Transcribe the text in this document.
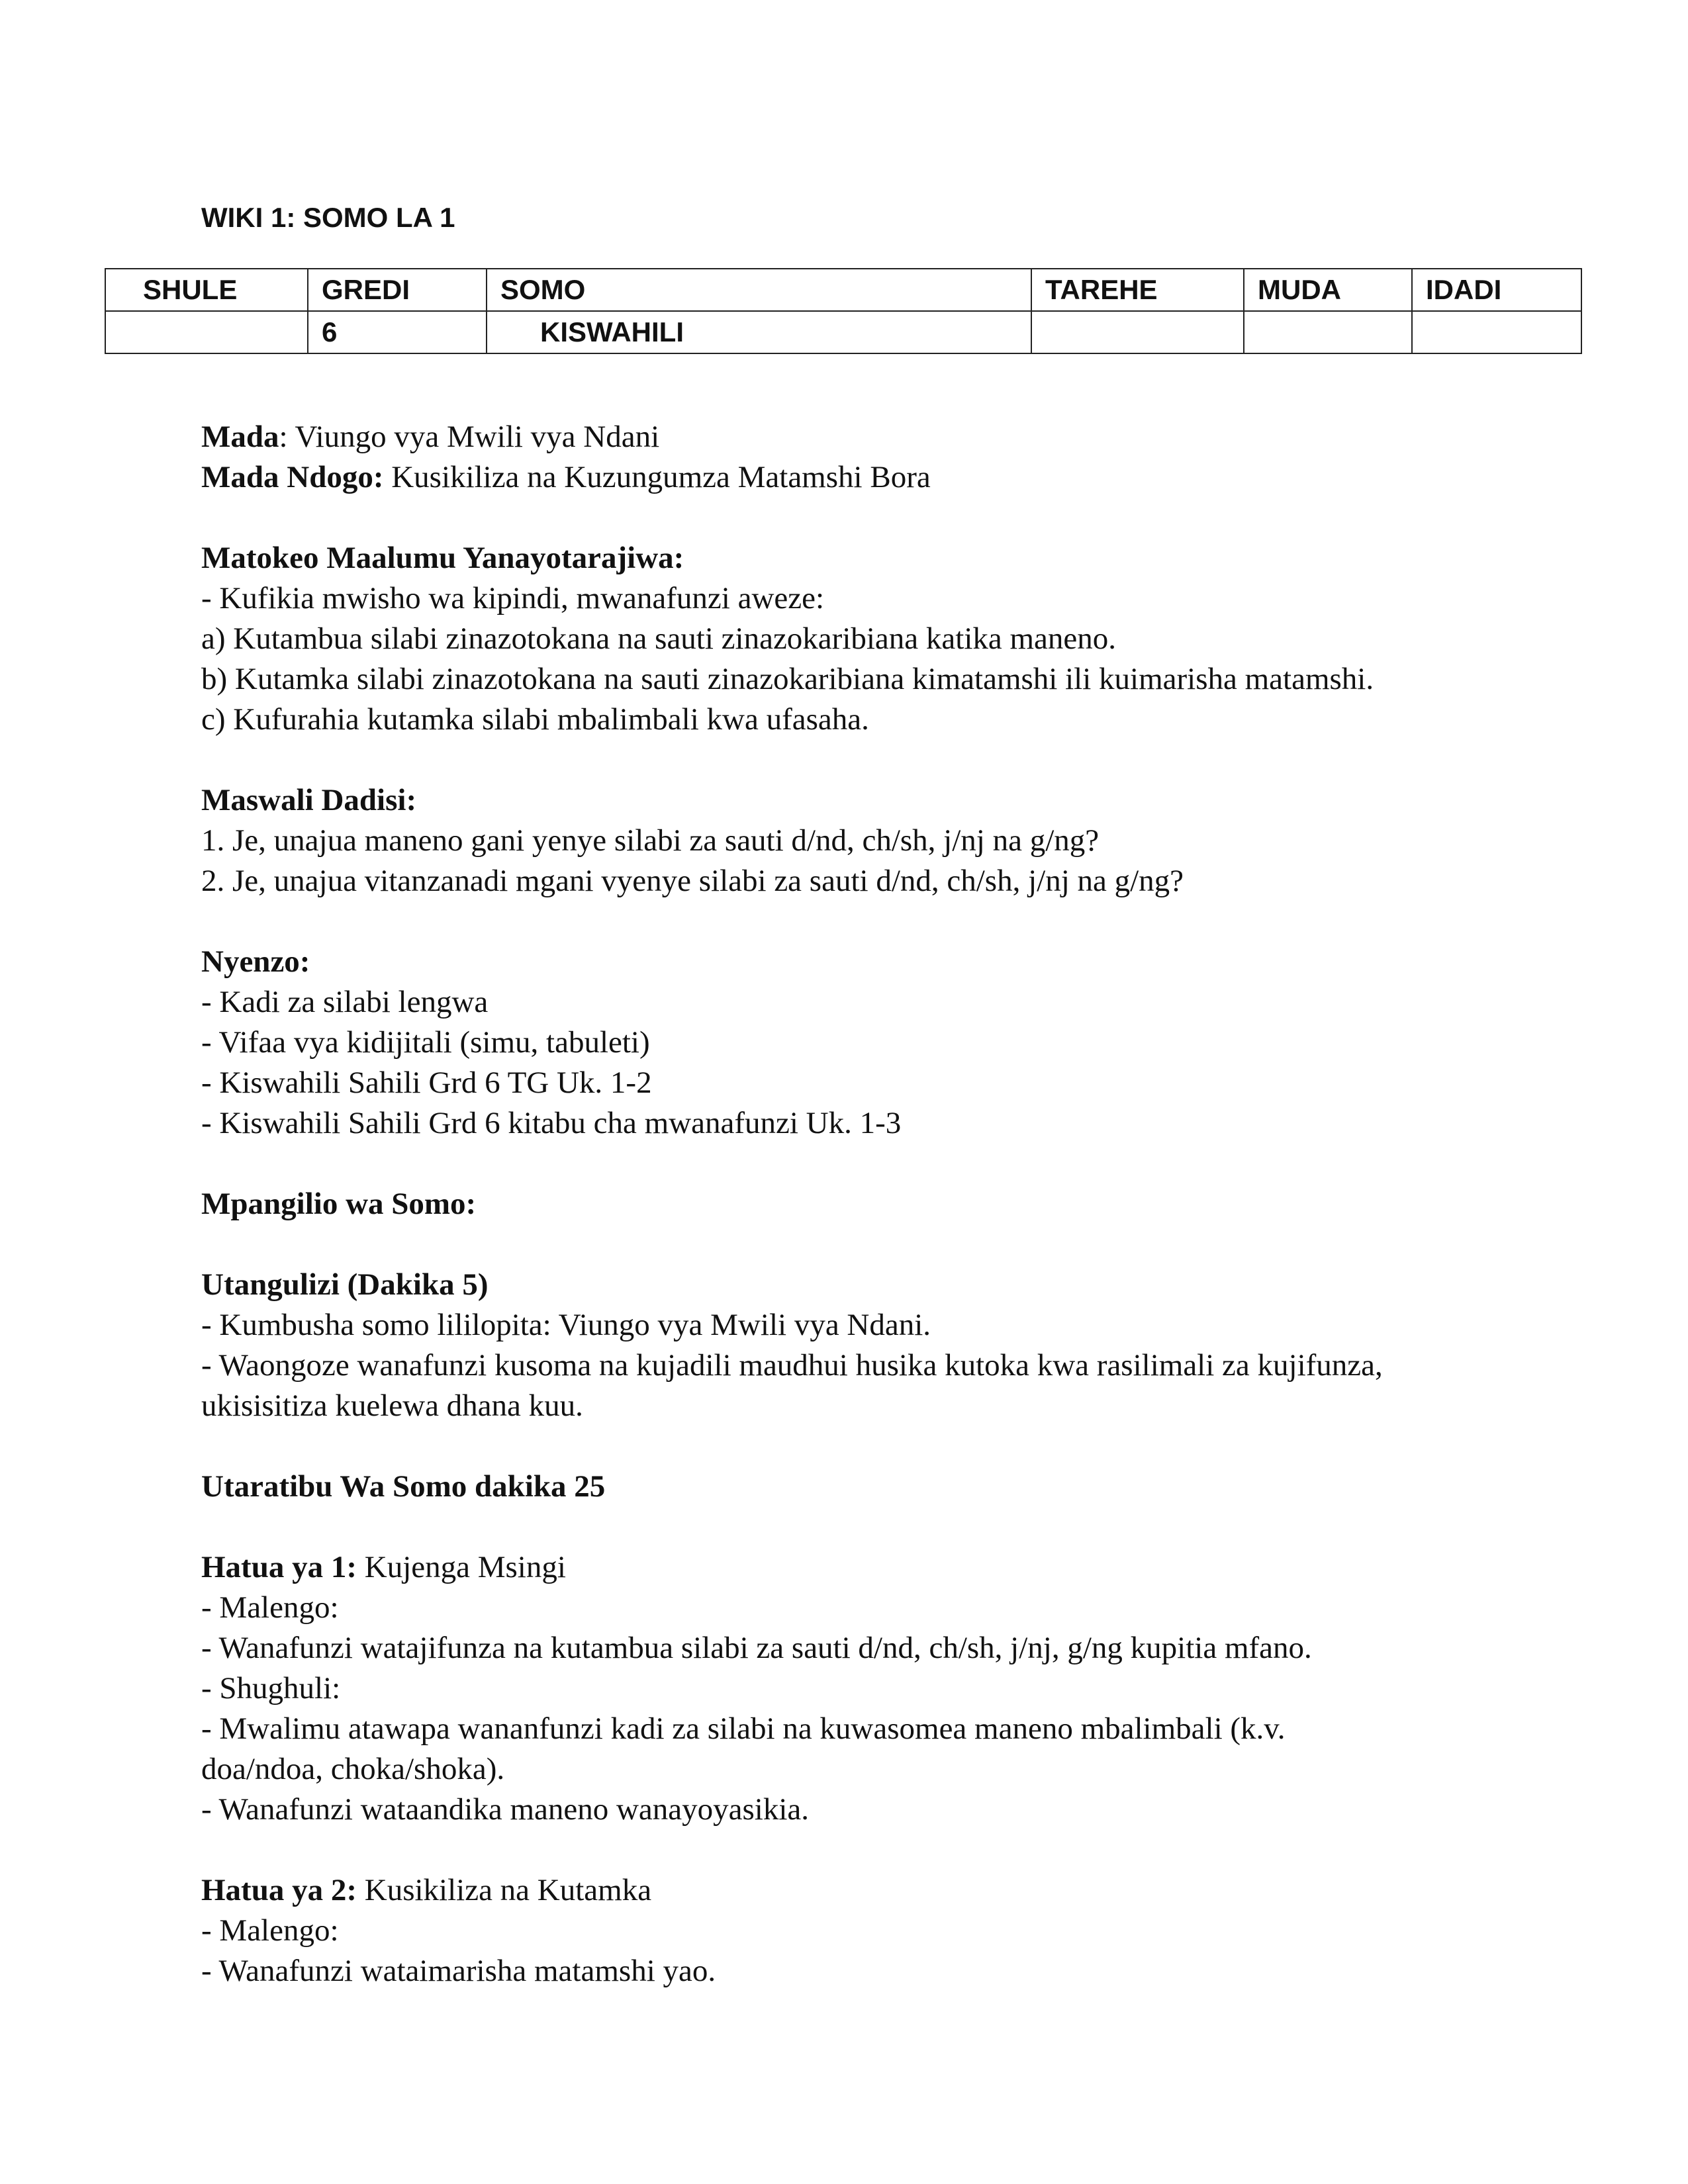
WIKI 1: SOMO LA 1
SHULE	GREDI	SOMO	TAREHE	MUDA	IDADI
	6	KISWAHILI			
Mada: Viungo vya Mwili vya Ndani
Mada Ndogo: Kusikiliza na Kuzungumza Matamshi Bora
Matokeo Maalumu Yanayotarajiwa:
- Kufikia mwisho wa kipindi, mwanafunzi aweze:
a) Kutambua silabi zinazotokana na sauti zinazokaribiana katika maneno.
b) Kutamka silabi zinazotokana na sauti zinazokaribiana kimatamshi ili kuimarisha matamshi.
c) Kufurahia kutamka silabi mbalimbali kwa ufasaha.
Maswali Dadisi:
1. Je, unajua maneno gani yenye silabi za sauti d/nd, ch/sh, j/nj na g/ng?
2. Je, unajua vitanzanadi mgani vyenye silabi za sauti d/nd, ch/sh, j/nj na g/ng?
Nyenzo:
- Kadi za silabi lengwa
- Vifaa vya kidijitali (simu, tabuleti)
- Kiswahili Sahili Grd 6 TG Uk. 1-2
- Kiswahili Sahili Grd 6 kitabu cha mwanafunzi Uk. 1-3
Mpangilio wa Somo:
Utangulizi (Dakika 5)
- Kumbusha somo lililopita: Viungo vya Mwili vya Ndani.
- Waongoze wanafunzi kusoma na kujadili maudhui husika kutoka kwa rasilimali za kujifunza, ukisisitiza kuelewa dhana kuu.
Utaratibu Wa Somo dakika 25
Hatua ya 1: Kujenga Msingi
- Malengo:
- Wanafunzi watajifunza na kutambua silabi za sauti d/nd, ch/sh, j/nj, g/ng kupitia mfano.
- Shughuli:
- Mwalimu atawapa wananfunzi kadi za silabi na kuwasomea maneno mbalimbali (k.v. doa/ndoa, choka/shoka).
- Wanafunzi wataandika maneno wanayoyasikia.
Hatua ya 2: Kusikiliza na Kutamka
- Malengo:
- Wanafunzi wataimarisha matamshi yao.
